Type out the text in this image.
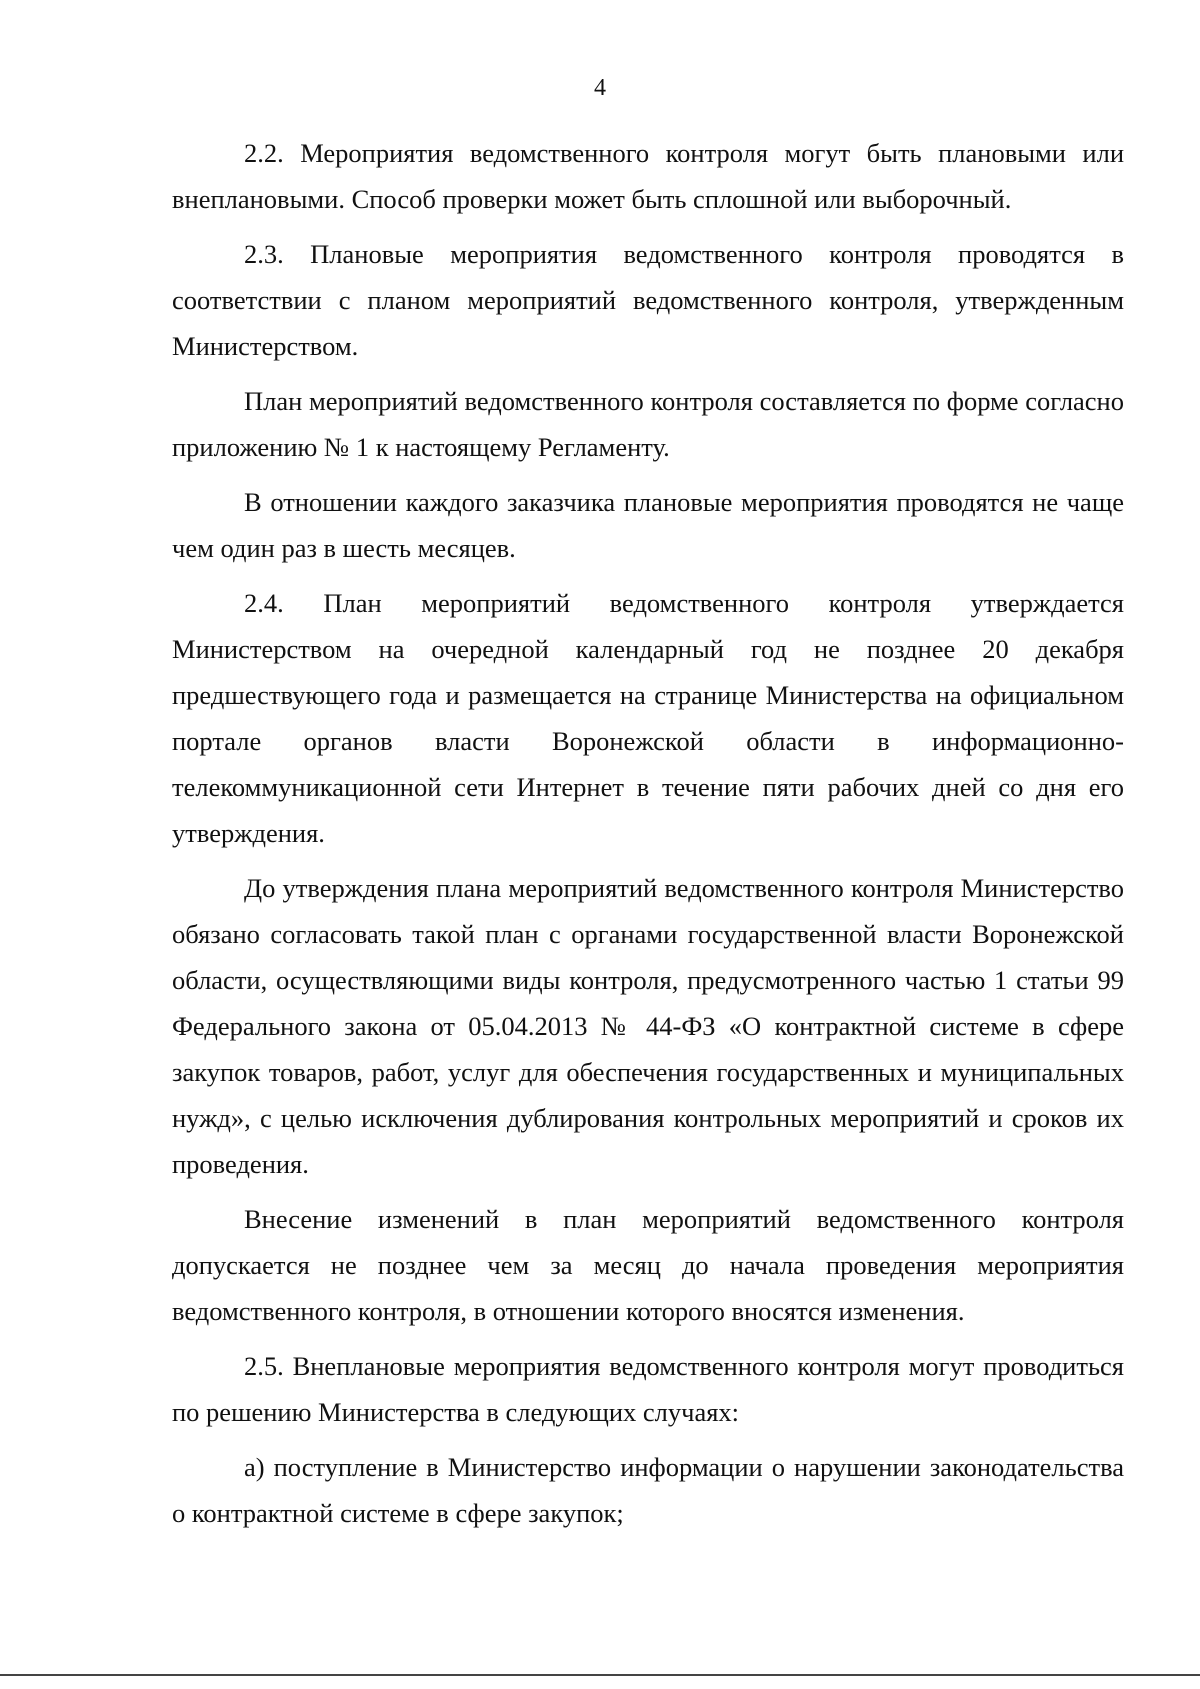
4

2.2. Мероприятия ведомственного контроля могут быть плановыми или внеплановыми. Способ проверки может быть сплошной или выборочный.

2.3. Плановые мероприятия ведомственного контроля проводятся в соответствии с планом мероприятий ведомственного контроля, утвержденным Министерством.

План мероприятий ведомственного контроля составляется по форме согласно приложению № 1 к настоящему Регламенту.

В отношении каждого заказчика плановые мероприятия проводятся не чаще чем один раз в шесть месяцев.

2.4. План мероприятий ведомственного контроля утверждается Министерством на очередной календарный год не позднее 20 декабря предшествующего года и размещается на странице Министерства на официальном портале органов власти Воронежской области в информационно-телекоммуникационной сети Интернет в течение пяти рабочих дней со дня его утверждения.

До утверждения плана мероприятий ведомственного контроля Министерство обязано согласовать такой план с органами государственной власти Воронежской области, осуществляющими виды контроля, предусмотренного частью 1 статьи 99 Федерального закона от 05.04.2013 № 44-ФЗ «О контрактной системе в сфере закупок товаров, работ, услуг для обеспечения государственных и муниципальных нужд», с целью исключения дублирования контрольных мероприятий и сроков их проведения.

Внесение изменений в план мероприятий ведомственного контроля допускается не позднее чем за месяц до начала проведения мероприятия ведомственного контроля, в отношении которого вносятся изменения.

2.5. Внеплановые мероприятия ведомственного контроля могут проводиться по решению Министерства в следующих случаях:

а) поступление в Министерство информации о нарушении законодательства о контрактной системе в сфере закупок;
